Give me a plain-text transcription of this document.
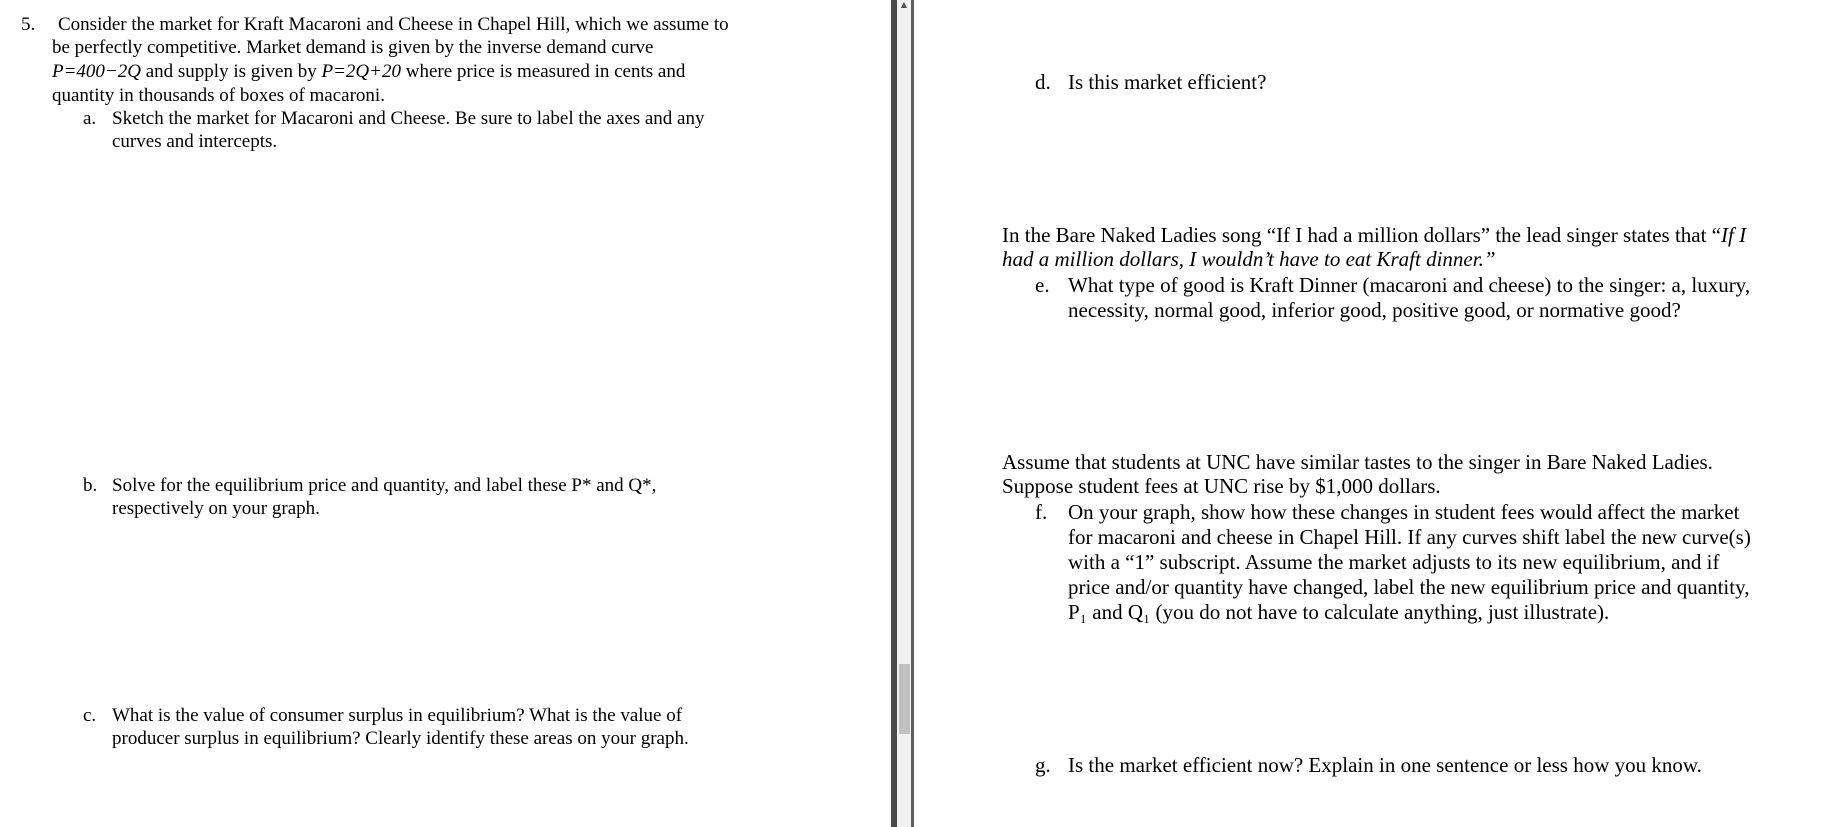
5. Consider the market for Kraft Macaroni and Cheese in Chapel Hill, which we assume to
be perfectly competitive. Market demand is given by the inverse demand curve
P=400−2Q and supply is given by P=2Q+20 where price is measured in cents and
quantity in thousands of boxes of macaroni.
a. Sketch the market for Macaroni and Cheese. Be sure to label the axes and any
curves and intercepts.
b. Solve for the equilibrium price and quantity, and label these P* and Q*,
respectively on your graph.
c. What is the value of consumer surplus in equilibrium? What is the value of
producer surplus in equilibrium? Clearly identify these areas on your graph.
▲
d. Is this market efficient?
In the Bare Naked Ladies song “If I had a million dollars” the lead singer states that “If I
had a million dollars, I wouldn’t have to eat Kraft dinner.”
e. What type of good is Kraft Dinner (macaroni and cheese) to the singer: a, luxury,
necessity, normal good, inferior good, positive good, or normative good?
Assume that students at UNC have similar tastes to the singer in Bare Naked Ladies.
Suppose student fees at UNC rise by $1,000 dollars.
f. On your graph, show how these changes in student fees would affect the market
for macaroni and cheese in Chapel Hill. If any curves shift label the new curve(s)
with a “1” subscript. Assume the market adjusts to its new equilibrium, and if
price and/or quantity have changed, label the new equilibrium price and quantity,
P₁ and Q₁ (you do not have to calculate anything, just illustrate).
g. Is the market efficient now? Explain in one sentence or less how you know.
